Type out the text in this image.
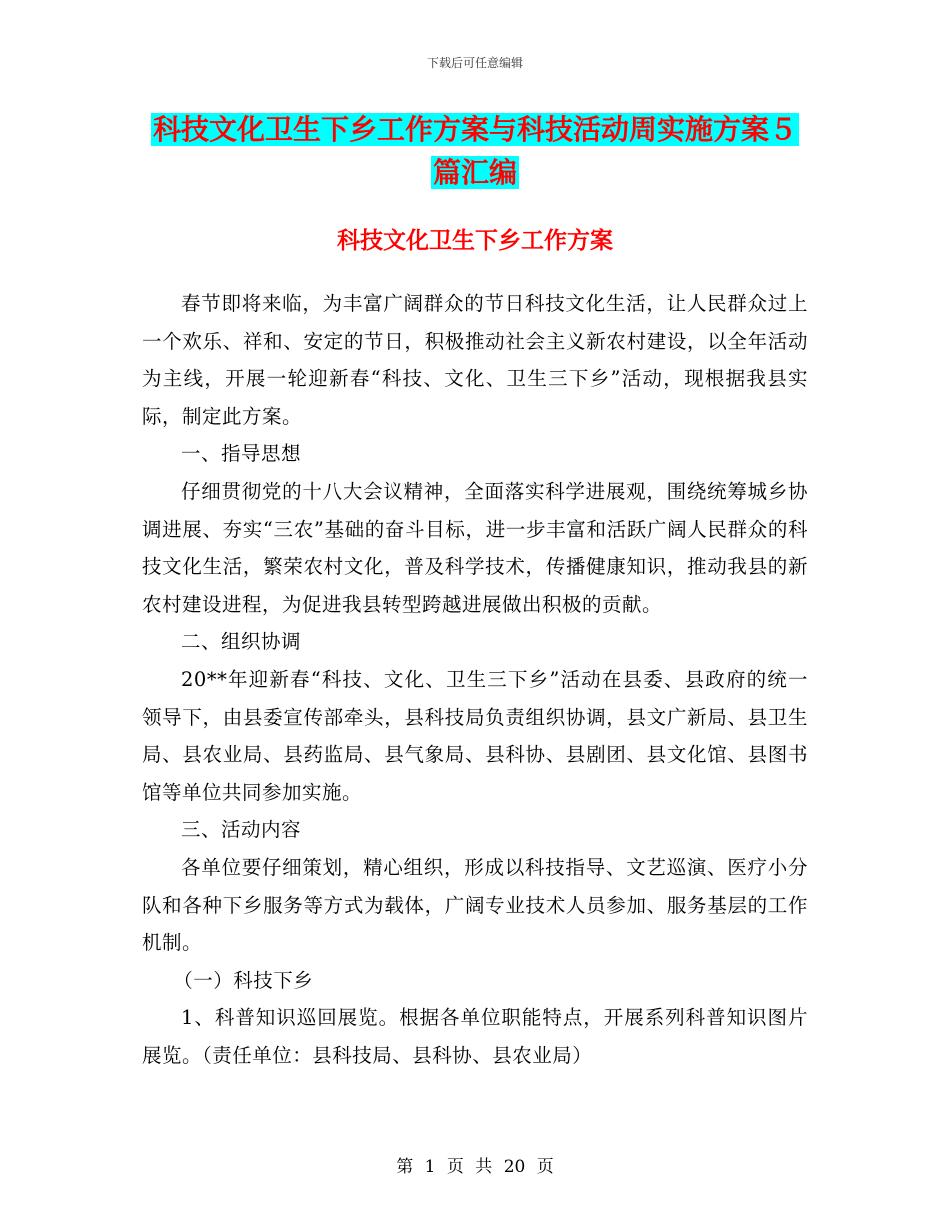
下载后可任意编辑
科技文化卫生下乡工作方案与科技活动周实施方案５
篇汇编
科技文化卫生下乡工作方案

春节即将来临，为丰富广阔群众的节日科技文化生活，让人民群众过上一个欢乐、祥和、安定的节日，积极推动社会主义新农村建设，以全年活动为主线，开展一轮迎新春“科技、文化、卫生三下乡”活动，现根据我县实际，制定此方案。

一、指导思想

仔细贯彻党的十八大会议精神，全面落实科学进展观，围绕统筹城乡协调进展、夯实“三农”基础的奋斗目标，进一步丰富和活跃广阔人民群众的科技文化生活，繁荣农村文化，普及科学技术，传播健康知识，推动我县的新农村建设进程，为促进我县转型跨越进展做出积极的贡献。

二、组织协调

20**年迎新春“科技、文化、卫生三下乡”活动在县委、县政府的统一领导下，由县委宣传部牵头，县科技局负责组织协调，县文广新局、县卫生局、县农业局、县药监局、县气象局、县科协、县剧团、县文化馆、县图书馆等单位共同参加实施。

三、活动内容

各单位要仔细策划，精心组织，形成以科技指导、文艺巡演、医疗小分队和各种下乡服务等方式为载体，广阔专业技术人员参加、服务基层的工作机制。

（一）科技下乡

1、科普知识巡回展览。根据各单位职能特点，开展系列科普知识图片展览。（责任单位：县科技局、县科协、县农业局）

第 1 页 共 20 页
